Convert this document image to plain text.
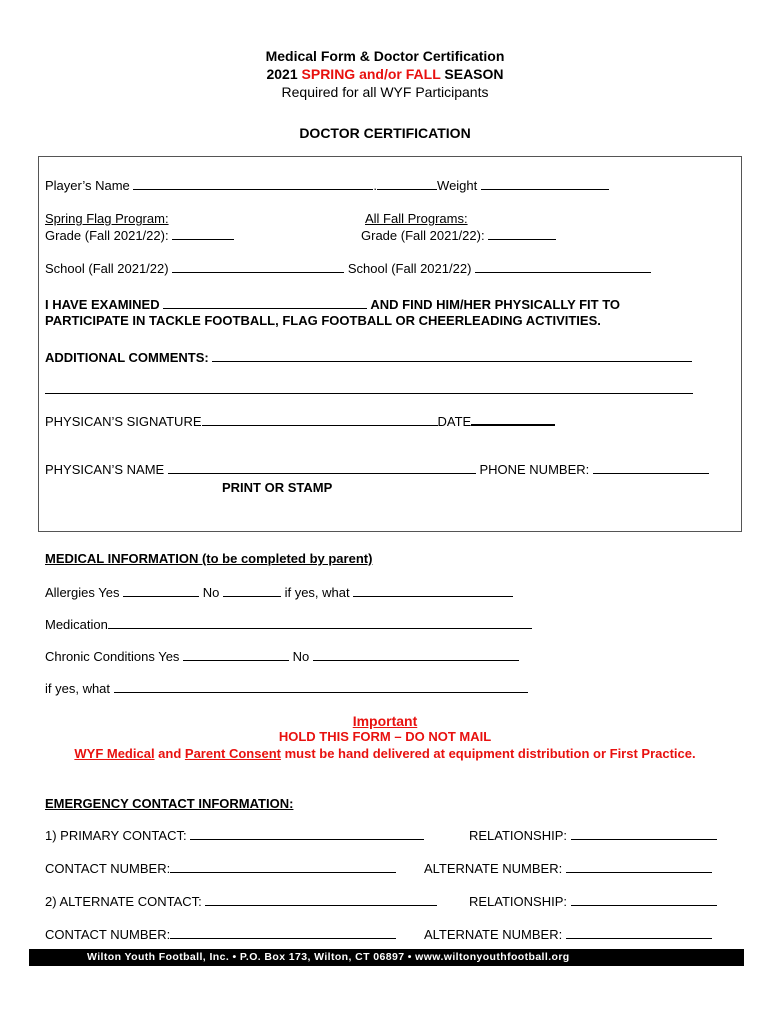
Medical Form & Doctor Certification
2021 SPRING and/or FALL SEASON
Required for all WYF Participants
DOCTOR CERTIFICATION
Player’s Name	.	Weight
Spring Flag Program:
Grade (Fall 2021/22):
All Fall Programs:
Grade (Fall 2021/22):
School (Fall 2021/22)	School (Fall 2021/22)
I HAVE EXAMINED	AND FIND HIM/HER PHYSICALLY FIT TO
PARTICIPATE IN TACKLE FOOTBALL, FLAG FOOTBALL OR CHEERLEADING ACTIVITIES.
ADDITIONAL COMMENTS:
PHYSICAN’S SIGNATURE	DATE
PHYSICAN’S NAME	PHONE NUMBER:
PRINT OR STAMP
MEDICAL INFORMATION (to be completed by parent)
Allergies Yes	No	if yes, what
Medication
Chronic Conditions Yes	No
if yes, what
Important
HOLD THIS FORM – DO NOT MAIL
WYF Medical and Parent Consent must be hand delivered at equipment distribution or First Practice.
EMERGENCY CONTACT INFORMATION:
1) PRIMARY CONTACT:	RELATIONSHIP:
CONTACT NUMBER:	ALTERNATE NUMBER:
2) ALTERNATE CONTACT:	RELATIONSHIP:
CONTACT NUMBER:	ALTERNATE NUMBER:
Wilton Youth Football, Inc. • P.O. Box 173, Wilton, CT 06897 • www.wiltonyouthfootball.org
